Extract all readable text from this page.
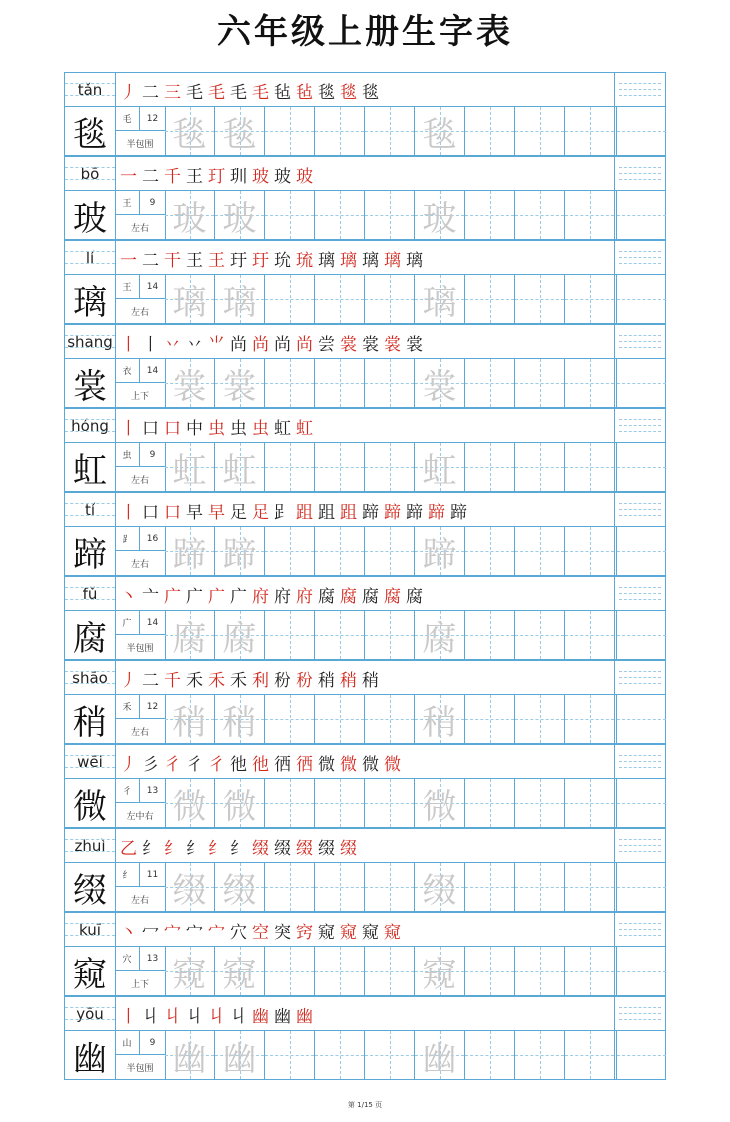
六年级上册生字表
tǎn	丿 二 三 毛 毛 毛 毛 毡 毡 毯 毯 毯
毯	毛	12
半包围 毯 毯	毯
bō	一 二 千 王 玎 玔 玻 玻 玻
玻	王	9
左右 玻 玻	玻
lí	一 二 干 王 王 玗 玗 玧 琉 璃 璃 璃 璃 璃
璃	王	14
左右 璃 璃	璃
shang 丨 丨 丷 丷 ⺌ 尚 尚 尚 尚 尝 裳 裳 裳 裳
裳	衣	14
上下 裳 裳	裳
hóng 丨 口 口 中 虫 虫 虫 虹 虹
虹	虫	9
左右 虹 虹	虹
tí	丨 口 口 早 早 足 足 𧾷 跙 跙 跙 蹄 蹄 蹄 蹄 蹄
蹄	⻊	16
左右 蹄 蹄	蹄
fǔ	丶 亠 广 广 广 广 府 府 府 腐 腐 腐 腐 腐
腐	广	14
半包围 腐 腐	腐
shāo 丿 二 千 禾 禾 禾 利 秎 秎 稍 稍 稍
稍	禾	12
左右 稍 稍	稍
wēi	丿 彡 彳 彳 彳 彵 彵 徆 徆 微 微 微 微
微	彳	13
左中右 微 微	微
zhuì 乙 纟 纟 纟 纟 纟 缀 缀 缀 缀 缀
缀	纟	11
左右 缀 缀	缀
kuī	丶 冖 宀 宀 宀 穴 空 突 窍 窥 窥 窥 窥
窥	穴	13
上下 窥 窥	窥
yōu 丨 丩 丩 丩 丩 丩 幽 幽 幽
幽	山	9
半包围 幽 幽	幽
第 1/15 页
